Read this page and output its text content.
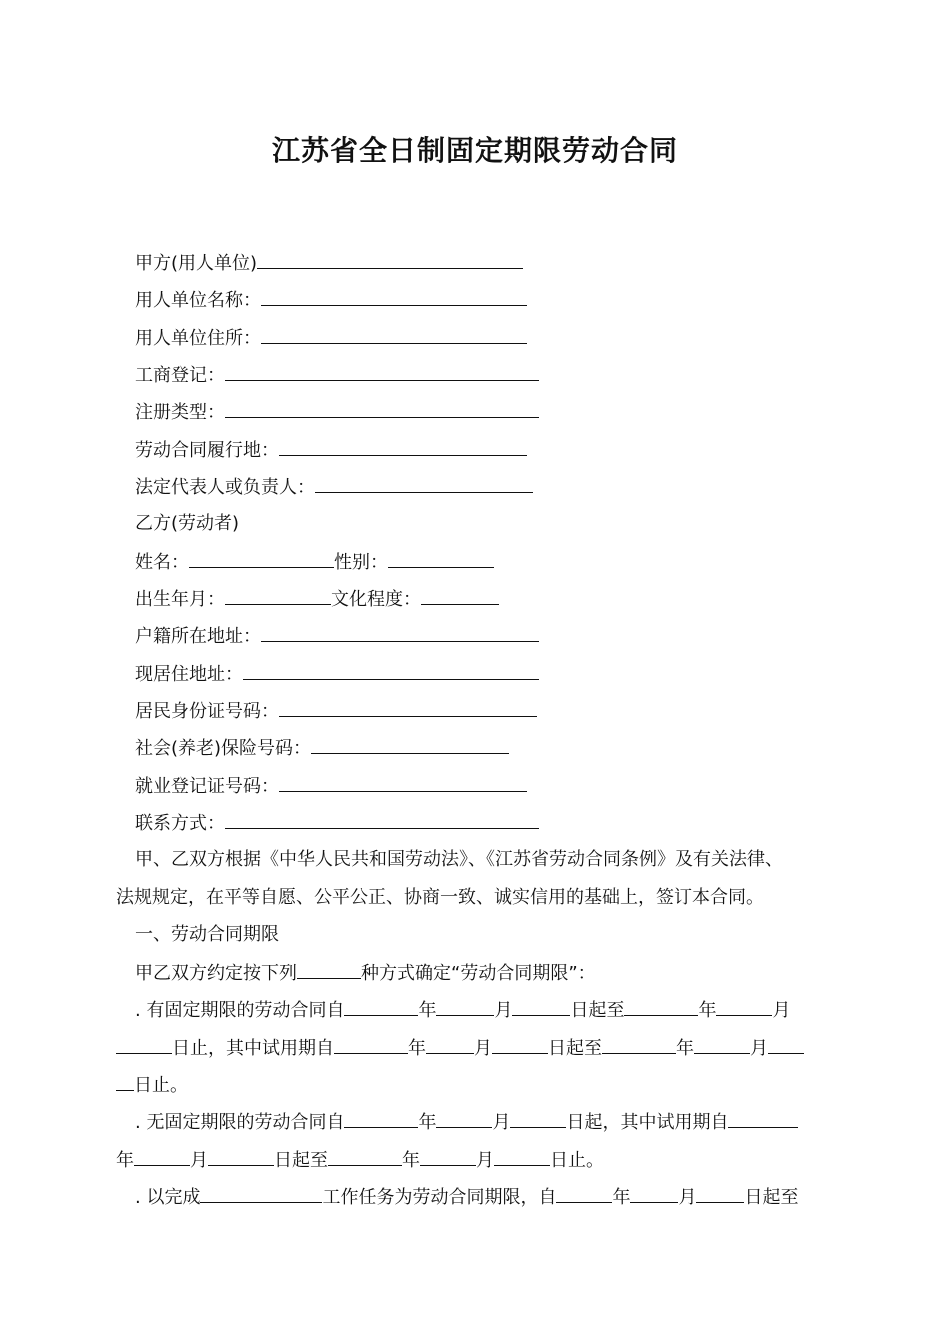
江苏省全日制固定期限劳动合同
甲方(用人单位)
用人单位名称：
用人单位住所：
工商登记：
注册类型：
劳动合同履行地：
法定代表人或负责人：
乙方(劳动者)
姓名：	性别：
出生年月：	文化程度：
户籍所在地址：
现居住地址：
居民身份证号码：
社会(养老)保险号码：
就业登记证号码：
联系方式：
甲、乙双方根据《中华人民共和国劳动法》、《江苏省劳动合同条例》及有关法律、
法规规定，在平等自愿、公平公正、协商一致、诚实信用的基础上，签订本合同。
一、劳动合同期限
甲乙双方约定按下列	种方式确定“劳动合同期限”：
. 有固定期限的劳动合同自	年	月	日起至	年	月
日止，其中试用期自	年	月	日起至	年	月
日止。
. 无固定期限的劳动合同自	年	月	日起，其中试用期自
年	月	日起至	年	月	日止。
. 以完成	工作任务为劳动合同期限，自	年	月	日起至
